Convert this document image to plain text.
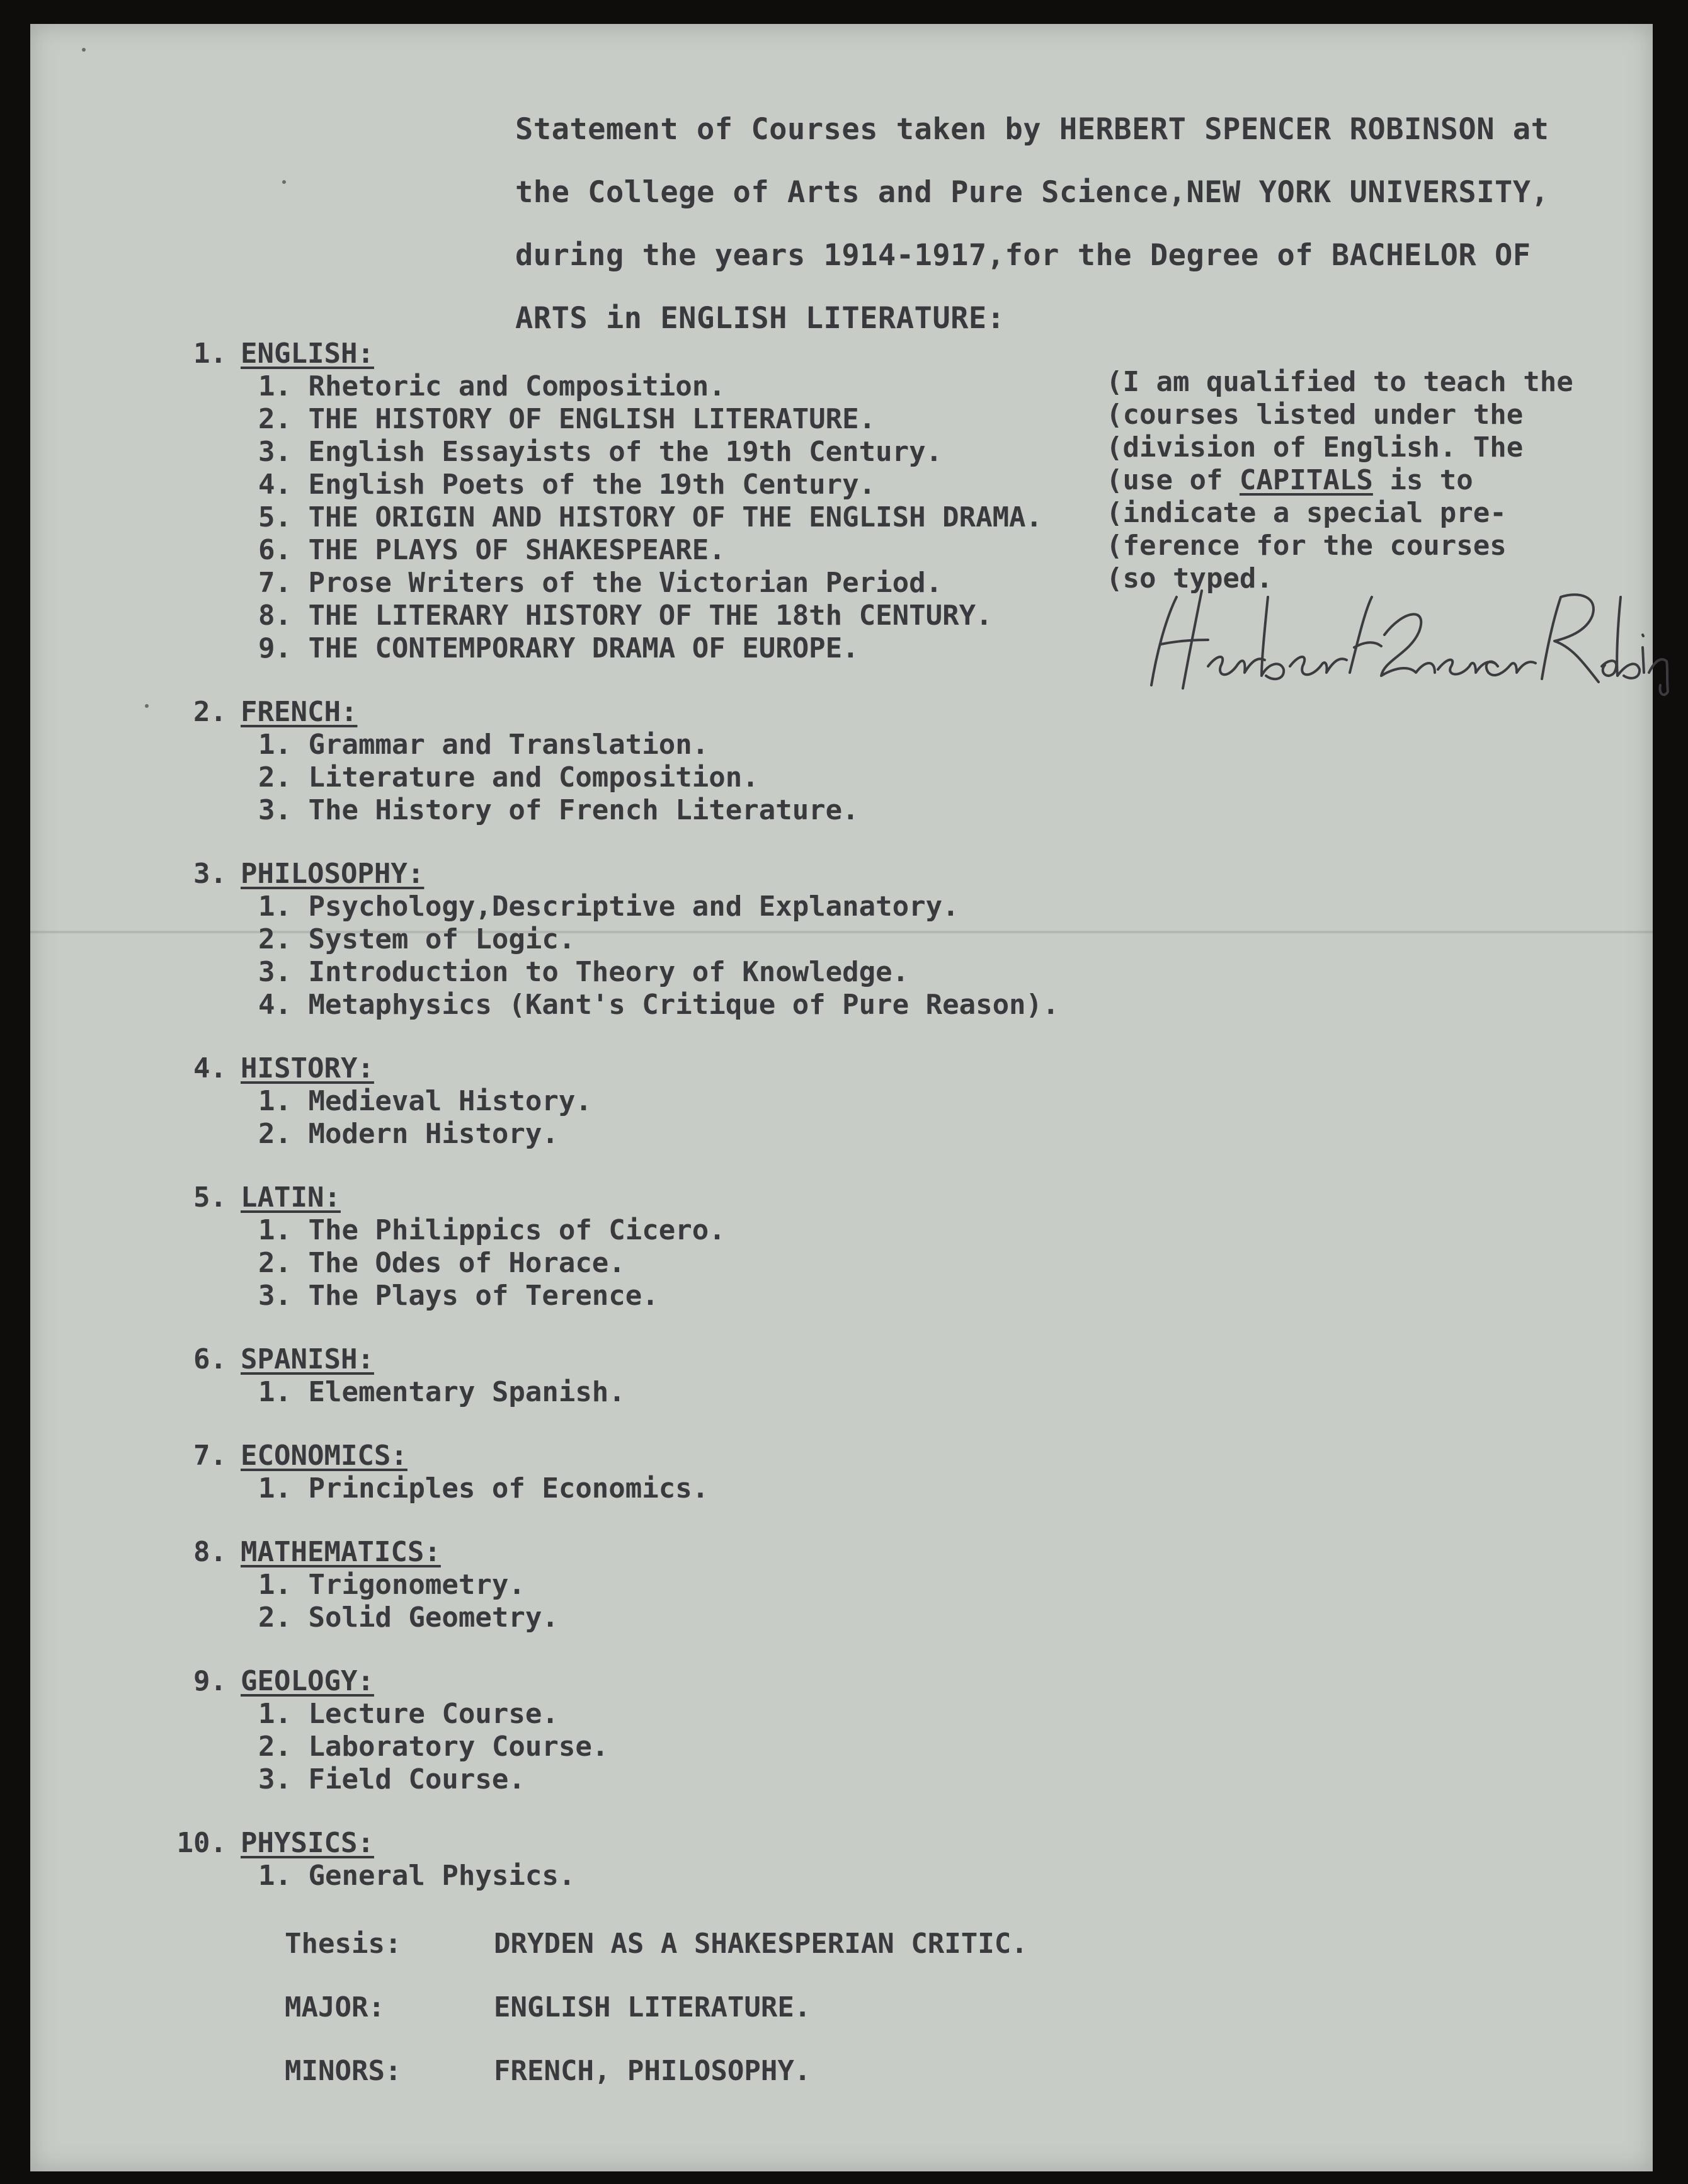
Statement of Courses taken by HERBERT SPENCER ROBINSON at
the College of Arts and Pure Science,NEW YORK UNIVERSITY,
during the years 1914-1917,for the Degree of BACHELOR OF
ARTS in ENGLISH LITERATURE:
1. ENGLISH:
1. Rhetoric and Composition.
2. THE HISTORY OF ENGLISH LITERATURE.
3. English Essayists of the 19th Century.
4. English Poets of the 19th Century.
5. THE ORIGIN AND HISTORY OF THE ENGLISH DRAMA.
6. THE PLAYS OF SHAKESPEARE.
7. Prose Writers of the Victorian Period.
8. THE LITERARY HISTORY OF THE 18th CENTURY.
9. THE CONTEMPORARY DRAMA OF EUROPE.
2. FRENCH:
1. Grammar and Translation.
2. Literature and Composition.
3. The History of French Literature.
3. PHILOSOPHY:
1. Psychology,Descriptive and Explanatory.
2. System of Logic.
3. Introduction to Theory of Knowledge.
4. Metaphysics (Kant's Critique of Pure Reason).
4. HISTORY:
1. Medieval History.
2. Modern History.
5. LATIN:
1. The Philippics of Cicero.
2. The Odes of Horace.
3. The Plays of Terence.
6. SPANISH:
1. Elementary Spanish.
7. ECONOMICS:
1. Principles of Economics.
8. MATHEMATICS:
1. Trigonometry.
2. Solid Geometry.
9. GEOLOGY:
1. Lecture Course.
2. Laboratory Course.
3. Field Course.
10. PHYSICS:
1. General Physics.
(I am qualified to teach the
(courses listed under the
(division of English. The
(use of CAPITALS is to
(indicate a special pre-
(ference for the courses
(so typed.
Thesis:	DRYDEN AS A SHAKESPERIAN CRITIC.
MAJOR:	ENGLISH LITERATURE.
MINORS:	FRENCH, PHILOSOPHY.
